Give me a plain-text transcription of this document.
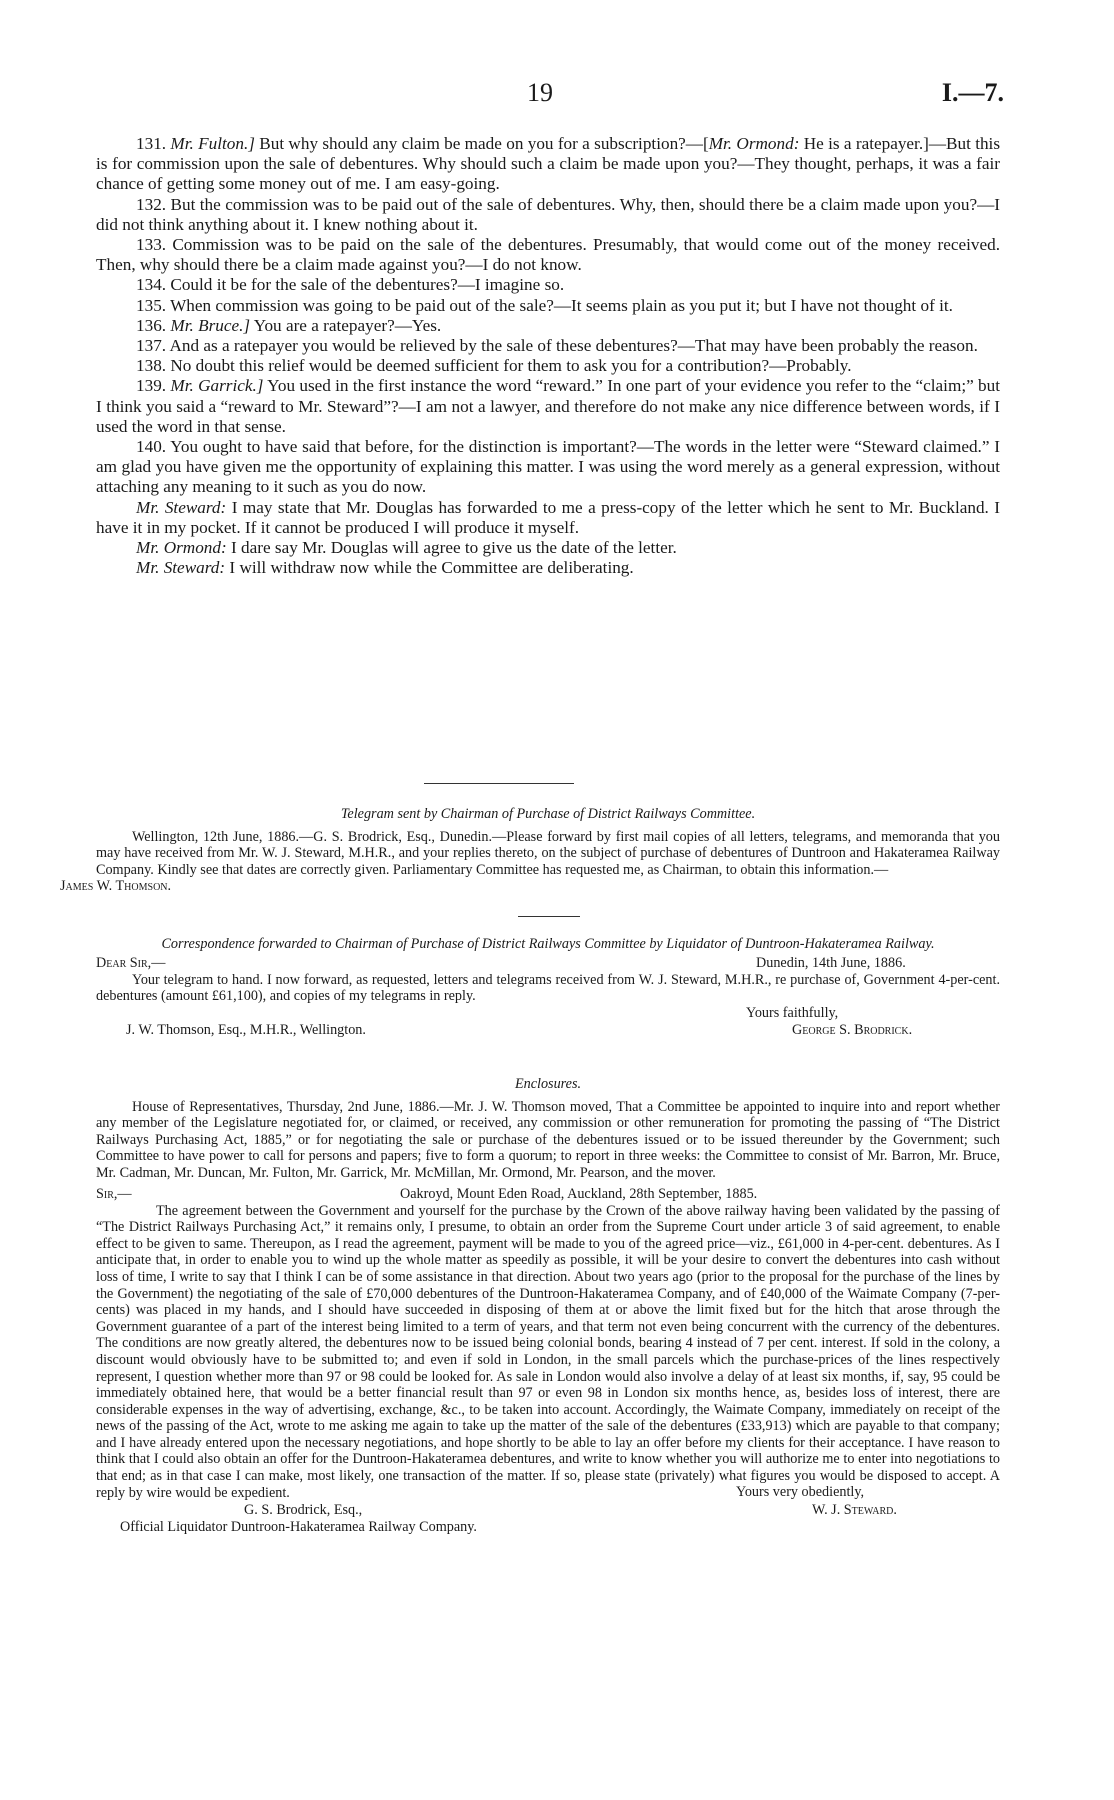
19	I.—7.

131. Mr. Fulton.] But why should any claim be made on you for a subscription?—[Mr. Ormond: He is a ratepayer.]—But this is for commission upon the sale of debentures. Why should such a claim be made upon you?—They thought, perhaps, it was a fair chance of getting some money out of me. I am easy-going.

132. But the commission was to be paid out of the sale of debentures. Why, then, should there be a claim made upon you?—I did not think anything about it. I knew nothing about it.

133. Commission was to be paid on the sale of the debentures. Presumably, that would come out of the money received. Then, why should there be a claim made against you?—I do not know.

134. Could it be for the sale of the debentures?—I imagine so.

135. When commission was going to be paid out of the sale?—It seems plain as you put it; but I have not thought of it.

136. Mr. Bruce.] You are a ratepayer?—Yes.

137. And as a ratepayer you would be relieved by the sale of these debentures?—That may have been probably the reason.

138. No doubt this relief would be deemed sufficient for them to ask you for a contribution?—Probably.

139. Mr. Garrick.] You used in the first instance the word “reward.” In one part of your evidence you refer to the “claim;” but I think you said a “reward to Mr. Steward”?—I am not a lawyer, and therefore do not make any nice difference between words, if I used the word in that sense.

140. You ought to have said that before, for the distinction is important?—The words in the letter were “Steward claimed.” I am glad you have given me the opportunity of explaining this matter. I was using the word merely as a general expression, without attaching any meaning to it such as you do now.

Mr. Steward: I may state that Mr. Douglas has forwarded to me a press-copy of the letter which he sent to Mr. Buckland. I have it in my pocket. If it cannot be produced I will produce it myself.

Mr. Ormond: I dare say Mr. Douglas will agree to give us the date of the letter.

Mr. Steward: I will withdraw now while the Committee are deliberating.

Telegram sent by Chairman of Purchase of District Railways Committee.

Wellington, 12th June, 1886.—G. S. Brodrick, Esq., Dunedin.—Please forward by first mail copies of all letters, telegrams, and memoranda that you may have received from Mr. W. J. Steward, M.H.R., and your replies thereto, on the subject of purchase of debentures of Duntroon and Hakateramea Railway Company. Kindly see that dates are correctly given. Parliamentary Committee has requested me, as Chairman, to obtain this information.—
James W. Thomson.

Correspondence forwarded to Chairman of Purchase of District Railways Committee by Liquidator of Duntroon-Hakateramea Railway.
Dear Sir,—	Dunedin, 14th June, 1886.

Your telegram to hand. I now forward, as requested, letters and telegrams received from W. J. Steward, M.H.R., re purchase of, Government 4-per-cent. debentures (amount £61,100), and copies of my telegrams in reply.

Yours faithfully,
J. W. Thomson, Esq., M.H.R., Wellington.	George S. Brodrick.
Enclosures.

House of Representatives, Thursday, 2nd June, 1886.—Mr. J. W. Thomson moved, That a Committee be appointed to inquire into and report whether any member of the Legislature negotiated for, or claimed, or received, any commission or other remuneration for promoting the passing of “The District Railways Purchasing Act, 1885,” or for negotiating the sale or purchase of the debentures issued or to be issued thereunder by the Government; such Committee to have power to call for persons and papers; five to form a quorum; to report in three weeks: the Committee to consist of Mr. Barron, Mr. Bruce, Mr. Cadman, Mr. Duncan, Mr. Fulton, Mr. Garrick, Mr. McMillan, Mr. Ormond, Mr. Pearson, and the mover.

Sir,—	Oakroyd, Mount Eden Road, Auckland, 28th September, 1885.

The agreement between the Government and yourself for the purchase by the Crown of the above railway having been validated by the passing of “The District Railways Purchasing Act,” it remains only, I presume, to obtain an order from the Supreme Court under article 3 of said agreement, to enable effect to be given to same. Thereupon, as I read the agreement, payment will be made to you of the agreed price—viz., £61,000 in 4-per-cent. debentures. As I anticipate that, in order to enable you to wind up the whole matter as speedily as possible, it will be your desire to convert the debentures into cash without loss of time, I write to say that I think I can be of some assistance in that direction. About two years ago (prior to the proposal for the purchase of the lines by the Government) the negotiating of the sale of £70,000 debentures of the Duntroon-Hakateramea Company, and of £40,000 of the Waimate Company (7-per-cents) was placed in my hands, and I should have succeeded in disposing of them at or above the limit fixed but for the hitch that arose through the Government guarantee of a part of the interest being limited to a term of years, and that term not even being concurrent with the currency of the debentures. The conditions are now greatly altered, the debentures now to be issued being colonial bonds, bearing 4 instead of 7 per cent. interest. If sold in the colony, a discount would obviously have to be submitted to; and even if sold in London, in the small parcels which the purchase-prices of the lines respectively represent, I question whether more than 97 or 98 could be looked for. As sale in London would also involve a delay of at least six months, if, say, 95 could be immediately obtained here, that would be a better financial result than 97 or even 98 in London six months hence, as, besides loss of interest, there are considerable expenses in the way of advertising, exchange, &c., to be taken into account. Accordingly, the Waimate Company, immediately on receipt of the news of the passing of the Act, wrote to me asking me again to take up the matter of the sale of the debentures (£33,913) which are payable to that company; and I have already entered upon the necessary negotiations, and hope shortly to be able to lay an offer before my clients for their acceptance. I have reason to think that I could also obtain an offer for the Duntroon-Hakateramea debentures, and write to know whether you will authorize me to enter into negotiations to that end; as in that case I can make, most likely, one transaction of the matter. If so, please state (privately) what figures you would be disposed to accept. A reply by wire would be expedient.	Yours very obediently,
G. S. Brodrick, Esq.,	W. J. Steward.
Official Liquidator Duntroon-Hakateramea Railway Company.
